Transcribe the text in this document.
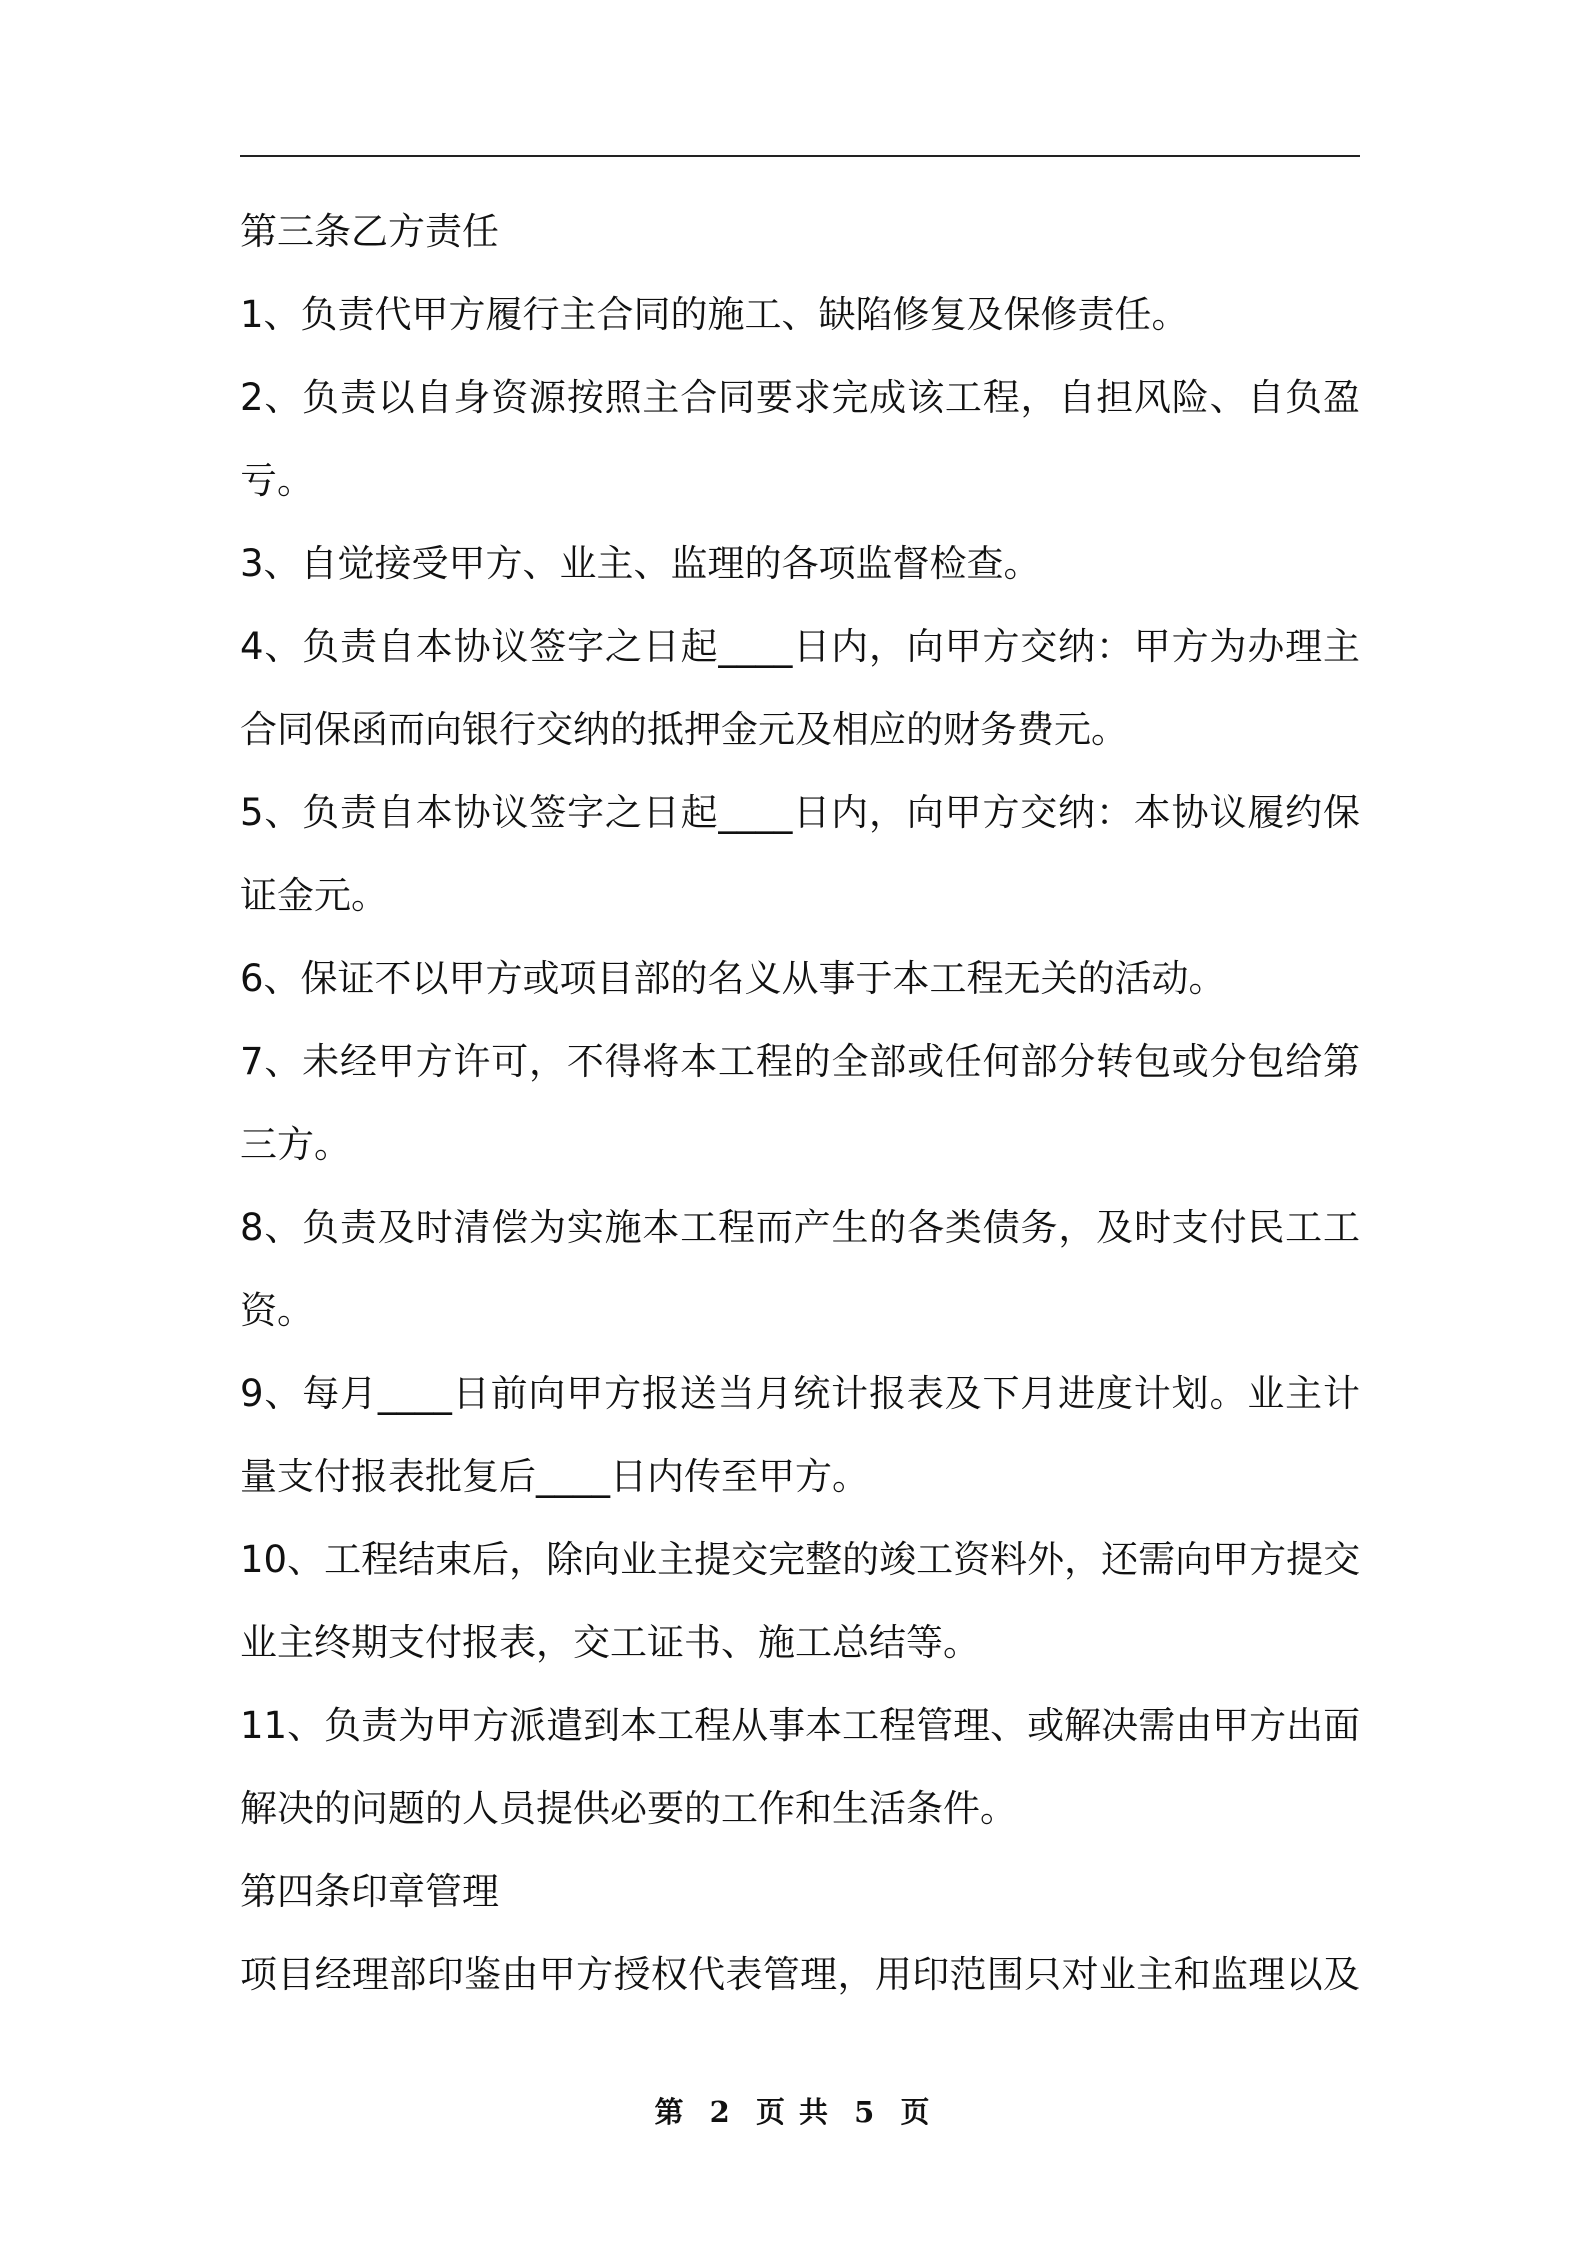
第三条乙方责任
1、负责代甲方履行主合同的施工、缺陷修复及保修责任。
2、负责以自身资源按照主合同要求完成该工程，自担风险、自负盈
亏。
3、自觉接受甲方、业主、监理的各项监督检查。
4、负责自本协议签字之日起____日内，向甲方交纳：甲方为办理主
合同保函而向银行交纳的抵押金元及相应的财务费元。
5、负责自本协议签字之日起____日内，向甲方交纳：本协议履约保
证金元。
6、保证不以甲方或项目部的名义从事于本工程无关的活动。
7、未经甲方许可，不得将本工程的全部或任何部分转包或分包给第
三方。
8、负责及时清偿为实施本工程而产生的各类债务，及时支付民工工
资。
9、每月____日前向甲方报送当月统计报表及下月进度计划。业主计
量支付报表批复后____日内传至甲方。
10、工程结束后，除向业主提交完整的竣工资料外，还需向甲方提交
业主终期支付报表，交工证书、施工总结等。
11、负责为甲方派遣到本工程从事本工程管理、或解决需由甲方出面
解决的问题的人员提供必要的工作和生活条件。
第四条印章管理
项目经理部印鉴由甲方授权代表管理，用印范围只对业主和监理以及
第 2 页 共 5 页
